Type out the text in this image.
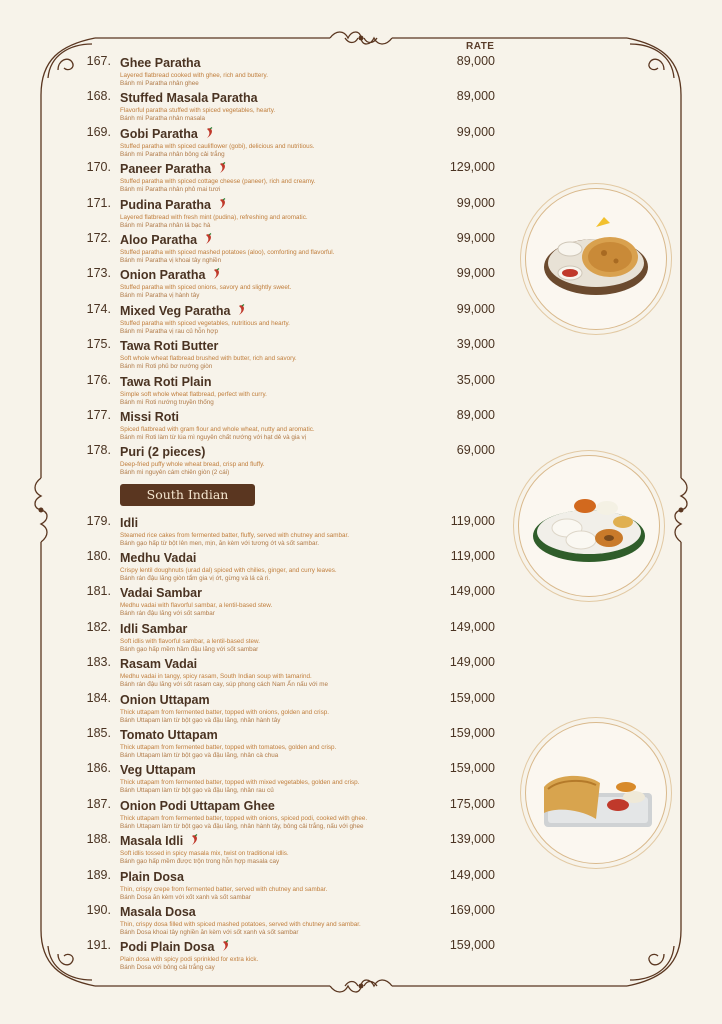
RATE
167. Ghee Paratha	89,000
Layered flatbread cooked with ghee, rich and buttery.
Bánh mì Paratha nhân ghee
168. Stuffed Masala Paratha	89,000
Flavorful paratha stuffed with spiced vegetables, hearty.
Bánh mì Paratha nhân masala
169. Gobi Paratha	99,000
Stuffed paratha with spiced cauliflower (gobi), delicious and nutritious.
Bánh mì Paratha nhân bông cải trắng
170. Paneer Paratha	129,000
Stuffed paratha with spiced cottage cheese (paneer), rich and creamy.
Bánh mì Paratha nhân phô mai tươi
171. Pudina Paratha	99,000
Layered flatbread with fresh mint (pudina), refreshing and aromatic.
Bánh mì Paratha nhân lá bạc hà
172. Aloo Paratha	99,000
Stuffed paratha with spiced mashed potatoes (aloo), comforting and flavorful.
Bánh mì Paratha vị khoai tây nghiền
173. Onion Paratha	99,000
Stuffed paratha with spiced onions, savory and slightly sweet.
Bánh mì Paratha vị hành tây
174. Mixed Veg Paratha	99,000
Stuffed paratha with spiced vegetables, nutritious and hearty.
Bánh mì Paratha vị rau củ hỗn hợp
175. Tawa Roti Butter	39,000
Soft whole wheat flatbread brushed with butter, rich and savory.
Bánh mì Roti phủ bơ nướng giòn
176. Tawa Roti Plain	35,000
Simple soft whole wheat flatbread, perfect with curry.
Bánh mì Roti nướng truyền thống
177. Missi Roti	89,000
Spiced flatbread with gram flour and whole wheat, nutty and aromatic.
Bánh mì Roti làm từ lúa mì nguyên chất nướng với hạt dẻ và gia vị
178. Puri (2 pieces)	69,000
Deep-fried puffy whole wheat bread, crisp and fluffy.
Bánh mì nguyên cám chiên giòn (2 cái)
South Indian
179. Idli	119,000
Steamed rice cakes from fermented batter, fluffy, served with chutney and sambar.
Bánh gạo hấp từ bột lên men, mịn, ăn kèm với tương ớt và sốt sambar.
180. Medhu Vadai	119,000
Crispy lentil doughnuts (urad dal) spiced with chilies, ginger, and curry leaves.
Bánh rán đậu lăng giòn tẩm gia vị ớt, gừng và lá cà ri.
181. Vadai Sambar	149,000
Medhu vadai with flavorful sambar, a lentil-based stew.
Bánh rán đậu lăng với sốt sambar
182. Idli Sambar	149,000
Soft idlis with flavorful sambar, a lentil-based stew.
Bánh gạo hấp mềm hầm đậu lăng với sốt sambar
183. Rasam Vadai	149,000
Medhu vadai in tangy, spicy rasam, South Indian soup with tamarind.
Bánh rán đậu lăng với sốt rasam cay, súp phong cách Nam Ấn nấu với me
184. Onion Uttapam	159,000
Thick uttapam from fermented batter, topped with onions, golden and crisp.
Bánh Uttapam làm từ bột gạo và đậu lăng, nhân hành tây
185. Tomato Uttapam	159,000
Thick uttapam from fermented batter, topped with tomatoes, golden and crisp.
Bánh Uttapam làm từ bột gạo và đậu lăng, nhân cà chua
186. Veg Uttapam	159,000
Thick uttapam from fermented batter, topped with mixed vegetables, golden and crisp.
Bánh Uttapam làm từ bột gạo và đậu lăng, nhân rau củ
187. Onion Podi Uttapam Ghee	175,000
Thick uttapam from fermented batter, topped with onions, spiced podi, cooked with ghee.
Bánh Uttapam làm từ bột gạo và đậu lăng, nhân hành tây, bông cải trắng, nấu với ghee
188. Masala Idli	139,000
Soft idlis tossed in spicy masala mix, twist on traditional idlis.
Bánh gạo hấp mềm được trộn trong hỗn hợp masala cay
189. Plain Dosa	149,000
Thin, crispy crepe from fermented batter, served with chutney and sambar.
Bánh Dosa ăn kèm với xốt xanh và sốt sambar
190. Masala Dosa	169,000
Thin, crispy dosa filled with spiced mashed potatoes, served with chutney and sambar.
Bánh Dosa khoai tây nghiền ăn kèm với sốt xanh và sốt sambar
191. Podi Plain Dosa	159,000
Plain dosa with spicy podi sprinkled for extra kick.
Bánh Dosa với bông cải trắng cay
